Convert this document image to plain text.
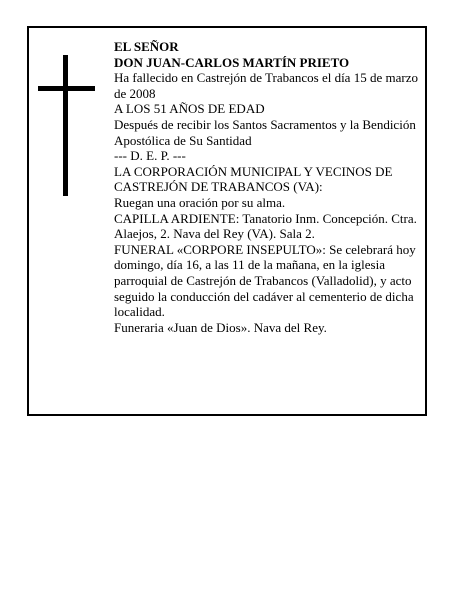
EL SEÑOR

DON JUAN-CARLOS MARTÍN PRIETO

Ha fallecido en Castrejón de Trabancos el día 15 de marzo de 2008

A LOS 51 AÑOS DE EDAD

Después de recibir los Santos Sacramentos y la Bendición Apostólica de Su Santidad

--- D. E. P. ---

LA CORPORACIÓN MUNICIPAL Y VECINOS DE CASTREJÓN DE TRABANCOS (VA):

Ruegan una oración por su alma.

CAPILLA ARDIENTE: Tanatorio Inm. Concepción. Ctra. Alaejos, 2. Nava del Rey (VA). Sala 2.

FUNERAL «CORPORE INSEPULTO»: Se celebrará hoy domingo, día 16, a las 11 de la mañana, en la iglesia parroquial de Castrejón de Trabancos (Valladolid), y acto seguido la conducción del cadáver al cementerio de dicha localidad.

Funeraria «Juan de Dios». Nava del Rey.
